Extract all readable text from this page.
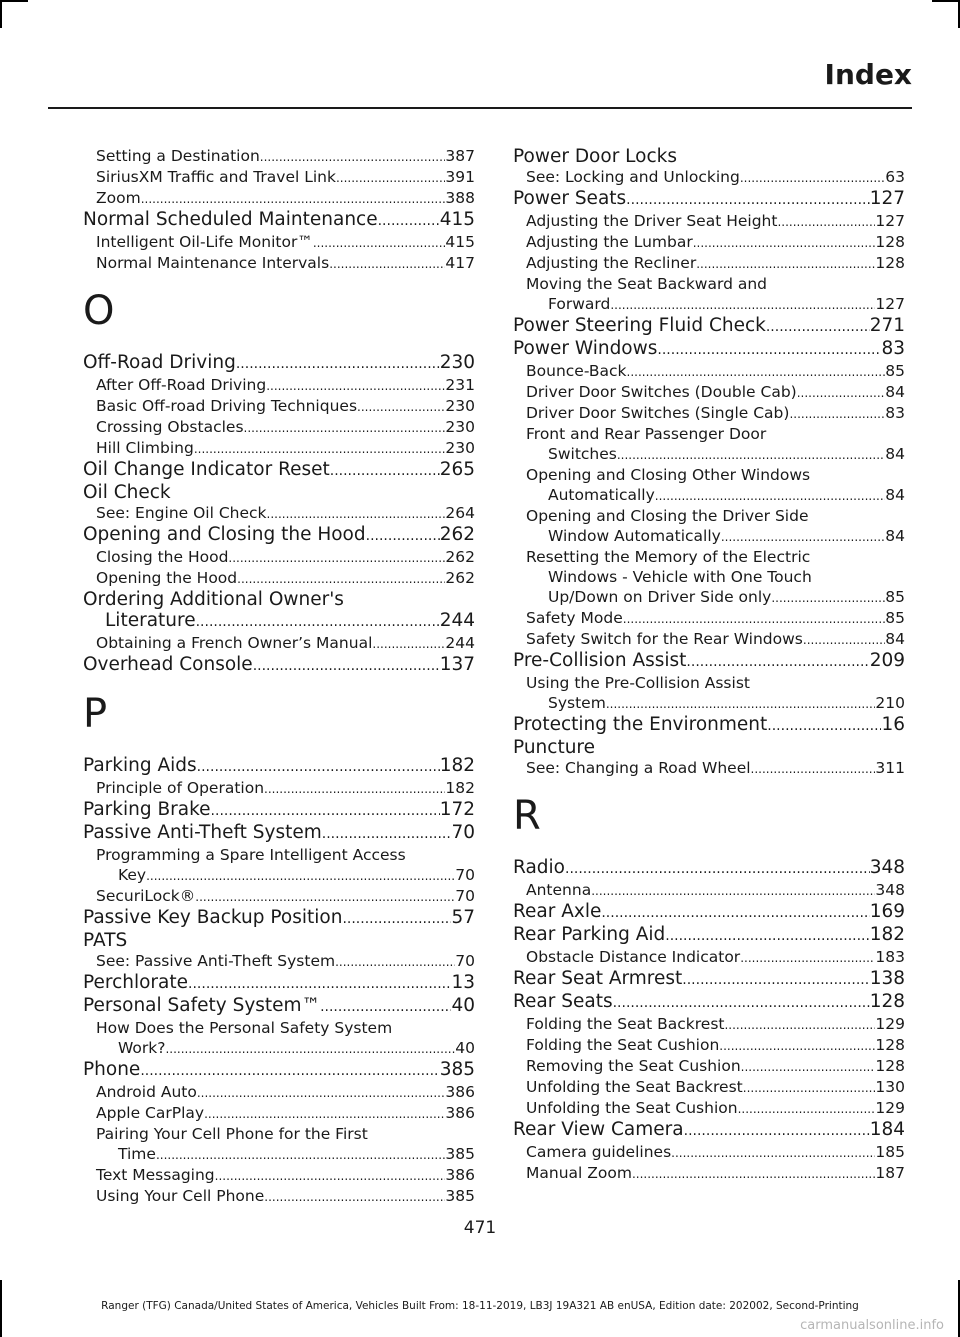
Index
Setting a Destination .....	387
SiriusXM Traffic and Travel Link .....	391
Zoom .....	388
Normal Scheduled Maintenance .....	415
Intelligent Oil-Life Monitor™ .....	415
Normal Maintenance Intervals .....	417
O
Off-Road Driving .....	230
After Off-Road Driving .....	231
Basic Off-road Driving Techniques .....	230
Crossing Obstacles .....	230
Hill Climbing .....	230
Oil Change Indicator Reset .....	265
Oil Check
See: Engine Oil Check .....	264
Opening and Closing the Hood .....	262
Closing the Hood .....	262
Opening the Hood .....	262
Ordering Additional Owner's
Literature .....	244
Obtaining a French Owner’s Manual .....	244
Overhead Console .....	137
P
Parking Aids .....	182
Principle of Operation .....	182
Parking Brake .....	172
Passive Anti-Theft System .....	70
Programming a Spare Intelligent Access
Key .....	70
SecuriLock® .....	70
Passive Key Backup Position .....	57
PATS
See: Passive Anti-Theft System .....	70
Perchlorate .....	13
Personal Safety System™ .....	40
How Does the Personal Safety System
Work? .....	40
Phone .....	385
Android Auto .....	386
Apple CarPlay .....	386
Pairing Your Cell Phone for the First
Time .....	385
Text Messaging .....	386
Using Your Cell Phone .....	385
Power Door Locks
See: Locking and Unlocking .....	63
Power Seats .....	127
Adjusting the Driver Seat Height .....	127
Adjusting the Lumbar .....	128
Adjusting the Recliner .....	128
Moving the Seat Backward and
Forward .....	127
Power Steering Fluid Check .....	271
Power Windows .....	83
Bounce-Back .....	85
Driver Door Switches (Double Cab) .....	84
Driver Door Switches (Single Cab) .....	83
Front and Rear Passenger Door
Switches .....	84
Opening and Closing Other Windows
Automatically .....	84
Opening and Closing the Driver Side
Window Automatically .....	84
Resetting the Memory of the Electric
Windows - Vehicle with One Touch
Up/Down on Driver Side only .....	85
Safety Mode .....	85
Safety Switch for the Rear Windows .....	84
Pre-Collision Assist .....	209
Using the Pre-Collision Assist
System .....	210
Protecting the Environment .....	16
Puncture
See: Changing a Road Wheel .....	311
R
Radio .....	348
Antenna .....	348
Rear Axle .....	169
Rear Parking Aid .....	182
Obstacle Distance Indicator .....	183
Rear Seat Armrest .....	138
Rear Seats .....	128
Folding the Seat Backrest .....	129
Folding the Seat Cushion .....	128
Removing the Seat Cushion .....	128
Unfolding the Seat Backrest .....	130
Unfolding the Seat Cushion .....	129
Rear View Camera .....	184
Camera guidelines .....	185
Manual Zoom .....	187
471
Ranger (TFG) Canada/United States of America, Vehicles Built From: 18-11-2019, LB3J 19A321 AB enUSA, Edition date: 202002, Second-Printing
carmanualsonline.info
